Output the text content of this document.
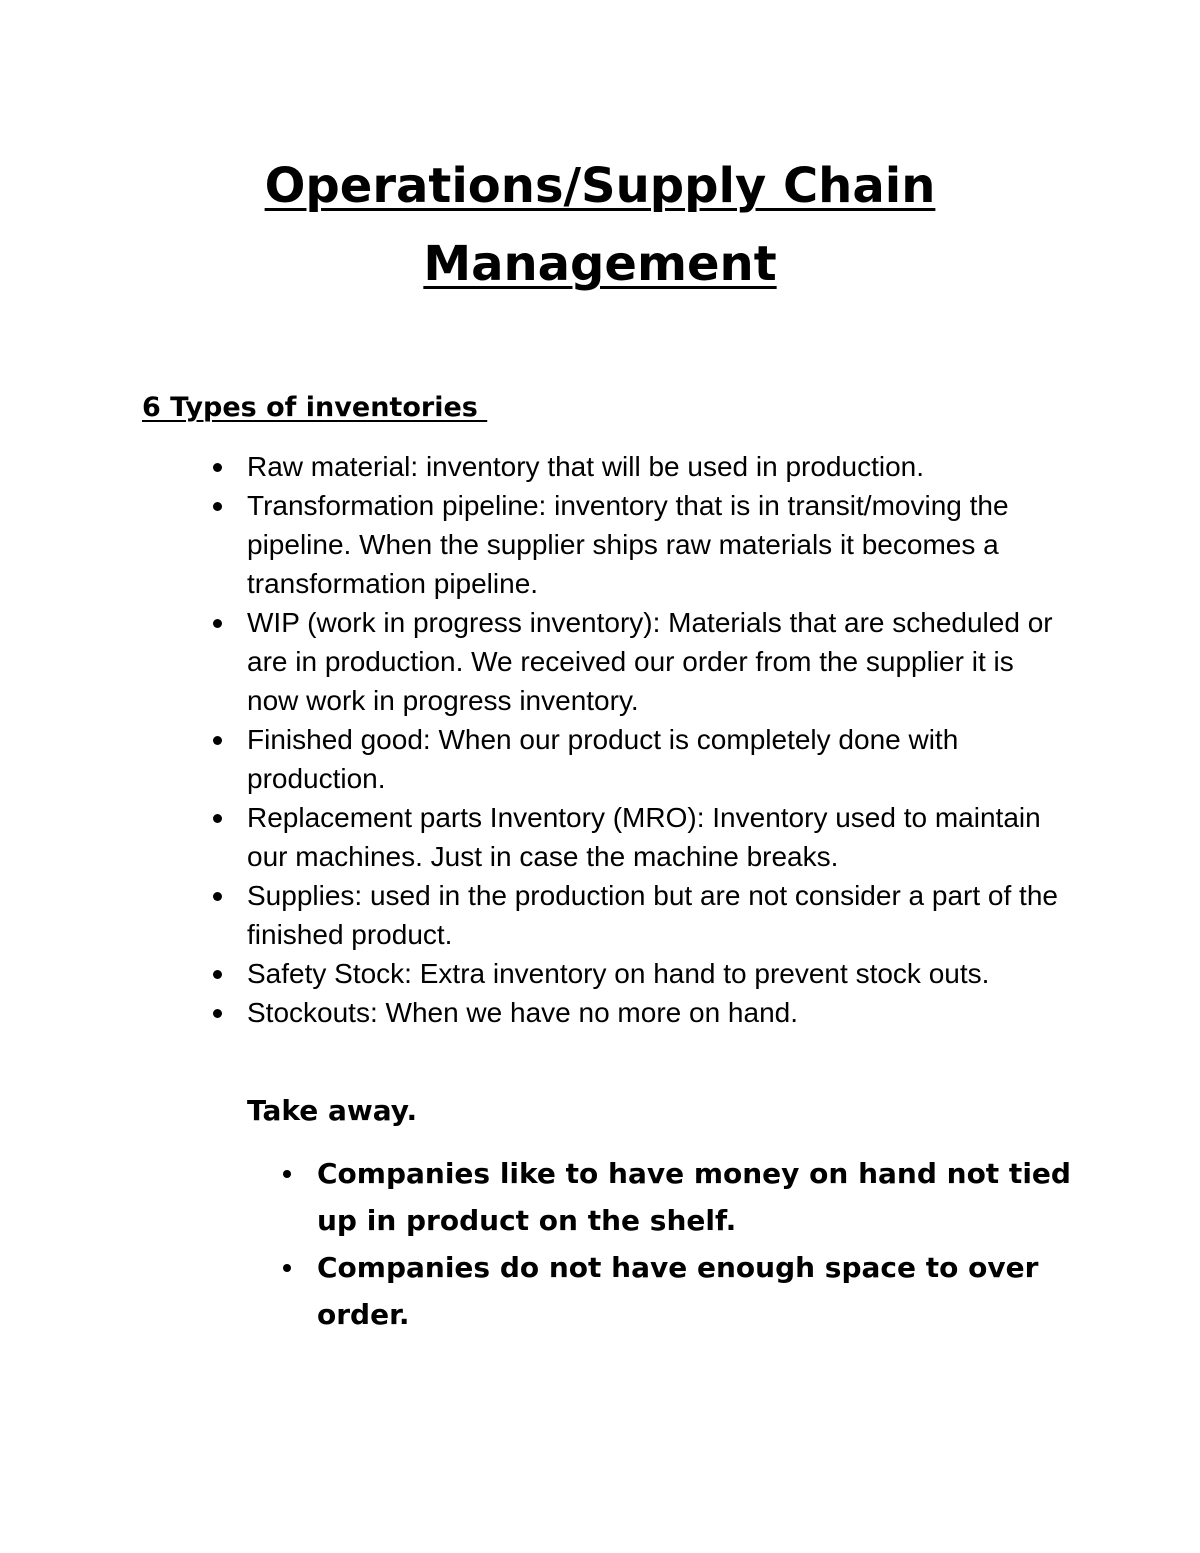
Operations/Supply Chain
Management
6 Types of inventories
Raw material: inventory that will be used in production.
Transformation pipeline: inventory that is in transit/moving the pipeline. When the supplier ships raw materials it becomes a transformation pipeline.
WIP (work in progress inventory): Materials that are scheduled or are in production. We received our order from the supplier it is now work in progress inventory.
Finished good: When our product is completely done with production.
Replacement parts Inventory (MRO): Inventory used to maintain our machines. Just in case the machine breaks.
Supplies: used in the production but are not consider a part of the finished product.
Safety Stock: Extra inventory on hand to prevent stock outs.
Stockouts: When we have no more on hand.
Take away.
Companies like to have money on hand not tied up in product on the shelf.
Companies do not have enough space to over order.
